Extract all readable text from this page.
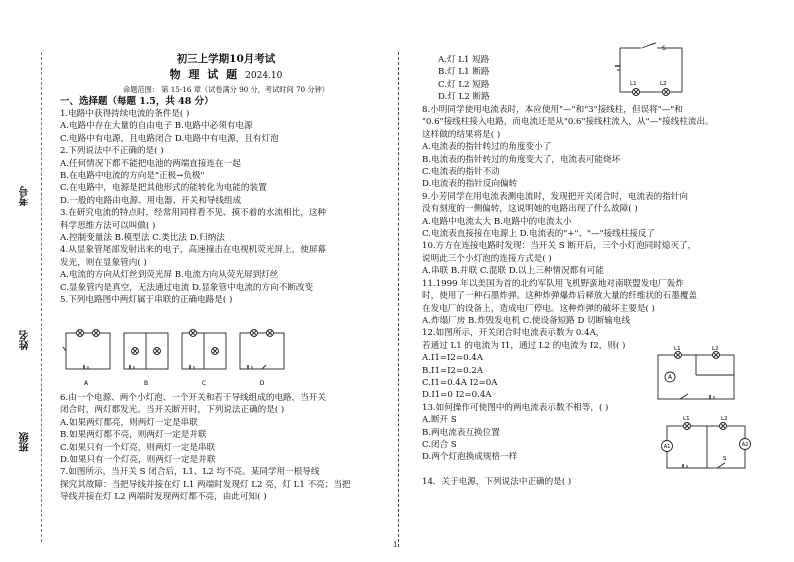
考号
姓名
班级
初三上学期10月考试
物 理 试 题 2024.10
命题范围： 第 15-16 章（试卷满分 90 分，考试时间 70 分钟）
一、选择题（每题 1.5，共 48 分）
1.电路中获得持续电流的条件是( )
A.电路中存在大量的自由电子 B.电路中必须有电源
C.电路中有电源，且电路闭合 D.电路中有电源，且有灯泡
2.下列说法中不正确的是( )
A.任何情况下都不能把电池的两端直接连在一起
B.在电路中电流的方向是"正极→负极"
C.在电路中，电源是把其他形式的能转化为电能的装置
D.一般的电路由电源、用电器、开关和导线组成
3.在研究电流的特点时，经常用同样看不见、摸不着的水流相比，这种
科学思维方法可以叫做( )
A.控制变量法 B.模型法 C.类比法 D.归纳法
4.从显象管尾部发射出来的电子，高速撞击在电视机荧光屏上，使屏幕
发光，则在显象管内( )
A.电流的方向从灯丝到荧光屏 B.电流方向从荧光屏到灯丝
C.显象管内是真空，无法通过电流 D.显象管中电流的方向不断改变
5.下列电路图中两灯属于串联的正确电路是( )
A	B	C	D
6.由一个电源、两个小灯泡、一个开关和若干导线组成的电路，当开关
闭合时，两灯都发光。当开关断开时，下列说法正确的是( )
A.如果两灯都亮，则两灯一定是串联
B.如果两灯都不亮，则两灯一定是并联
C.如果只有一个灯亮，则两灯一定是串联
D.如果只有一个灯亮，则两灯一定是并联
7.如图所示，当开关 S 闭合后，L1、L2 均不亮。某同学用一根导线
探究其故障：当把导线并接在灯 L1 两端时发现灯 L2 亮，灯 L1 不亮；当把
导线并接在灯 L2 两端时发现两灯都不亮，由此可知( )
A.灯 L1 短路
B.灯 L1 断路
C.灯 L2 短路
D.灯 L2 断路
S
L1	L2
8.小明同学使用电流表时，本应使用"—"和"3"接线柱，但误将"—"和
"0.6"接线柱接入电路，而电流还是从"0.6"接线柱流入，从"—"接线柱流出。
这样做的结果将是( )
A.电流表的指针转过的角度变小了
B.电流表的指针转过的角度变大了，电流表可能烧坏
C.电流表的指针不动
D.电流表的指针反向偏转
9.小芳同学在用电流表测电流时，发现把开关闭合时，电流表的指针向
没有刻度的一侧偏转，这说明她的电路出现了什么故障( )
A.电路中电流太大 B.电路中的电流太小
C.电流表直接接在电源上 D.电流表的"+"、"—"接线柱接反了
10.方方在连接电路时发现：当开关 S 断开后，三个小灯泡同时熄灭了，
说明此三个小灯泡的连接方式是( )
A.串联 B.并联 C.混联 D.以上三种情况都有可能
11.1999 年以美国为首的北约军队用飞机野蛮地对南联盟发电厂轰炸
时，使用了一种石墨炸弹。这种炸弹爆炸后释放大量的纤维状的石墨覆盖
在发电厂的设备上，造成电厂停电。这种炸弹的破坏主要是( )
A.炸塌厂房 B.炸毁发电机 C.使设备短路 D 切断输电线
12.如图所示，开关闭合时电流表示数为 0.4A，
若通过 L1 的电流为 I1，通过 L2 的电流为 I2，则( )
A.I1=I2=0.4A
B.I1=I2=0.2A
C.I1=0.4A I2=0A
D.I1=0 I2=0.4A
13.如何操作可使图中的两电流表示数不相等，( )
A.断开 S
B.两电流表互换位置
C.闭合 S
D.两个灯泡换成规格一样
14．关于电源，下列说法中正确的是( )
A
L1	L2
A1	A2
L1	L2
S
1
